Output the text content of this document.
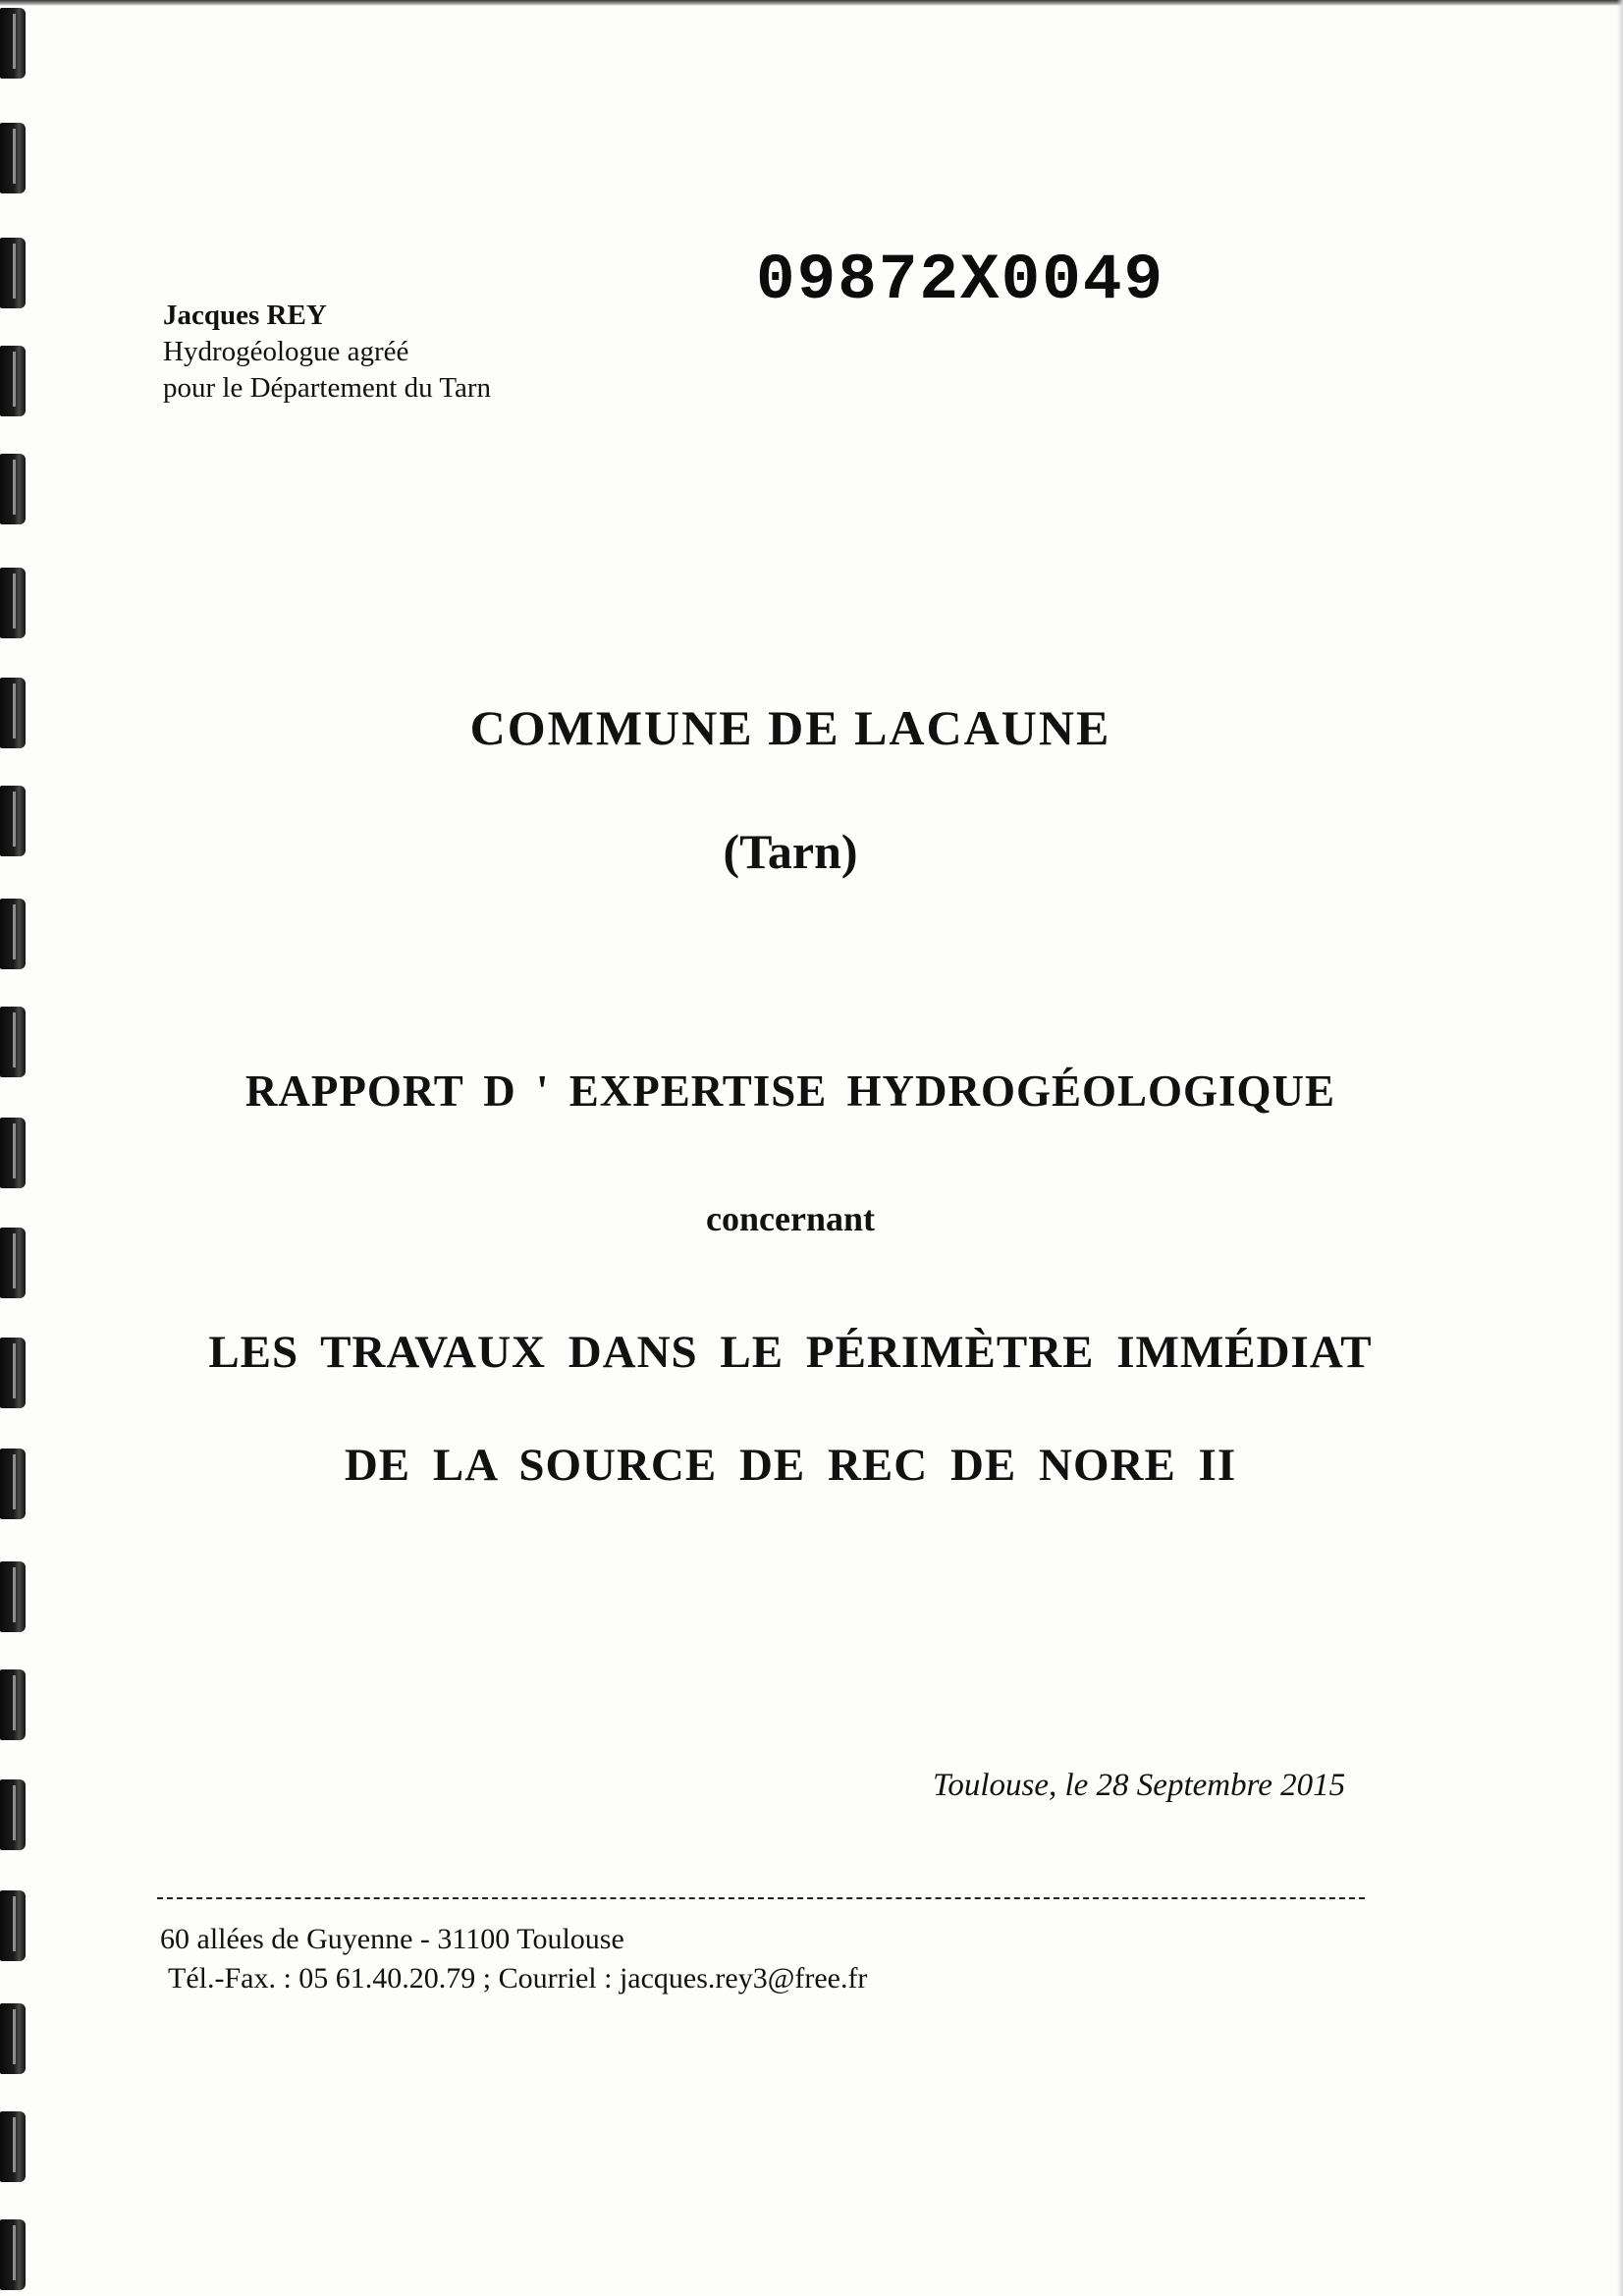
09872X0049
Jacques REY
Hydrogéologue agréé
pour le Département du Tarn
COMMUNE DE LACAUNE
(Tarn)
RAPPORT D ' EXPERTISE HYDROGÉOLOGIQUE
concernant
LES TRAVAUX DANS LE PÉRIMÈTRE IMMÉDIAT
DE LA SOURCE DE REC DE NORE II
Toulouse, le 28 Septembre 2015
60 allées de Guyenne - 31100 Toulouse
Tél.-Fax. : 05 61.40.20.79 ; Courriel : jacques.rey3@free.fr
